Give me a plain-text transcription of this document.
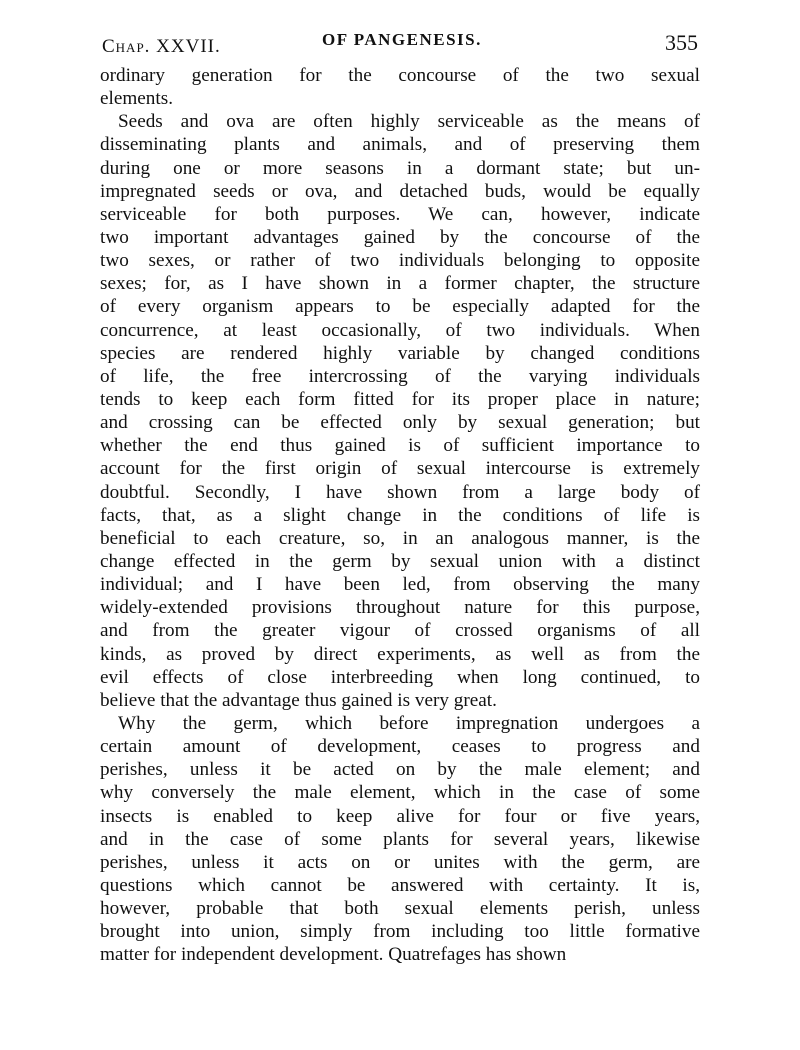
Chap. XXVII.	OF PANGENESIS.	355
ordinary generation for the concourse of the two sexual
elements.
Seeds and ova are often highly serviceable as the means of
disseminating plants and animals, and of preserving them
during one or more seasons in a dormant state; but un-
impregnated seeds or ova, and detached buds, would be equally
serviceable for both purposes. We can, however, indicate
two important advantages gained by the concourse of the
two sexes, or rather of two individuals belonging to opposite
sexes; for, as I have shown in a former chapter, the structure
of every organism appears to be especially adapted for the
concurrence, at least occasionally, of two individuals. When
species are rendered highly variable by changed conditions
of life, the free intercrossing of the varying individuals
tends to keep each form fitted for its proper place in nature;
and crossing can be effected only by sexual generation; but
whether the end thus gained is of sufficient importance to
account for the first origin of sexual intercourse is extremely
doubtful. Secondly, I have shown from a large body of
facts, that, as a slight change in the conditions of life is
beneficial to each creature, so, in an analogous manner, is the
change effected in the germ by sexual union with a distinct
individual; and I have been led, from observing the many
widely-extended provisions throughout nature for this purpose,
and from the greater vigour of crossed organisms of all
kinds, as proved by direct experiments, as well as from the
evil effects of close interbreeding when long continued, to
believe that the advantage thus gained is very great.
Why the germ, which before impregnation undergoes a
certain amount of development, ceases to progress and
perishes, unless it be acted on by the male element; and
why conversely the male element, which in the case of some
insects is enabled to keep alive for four or five years,
and in the case of some plants for several years, likewise
perishes, unless it acts on or unites with the germ, are
questions which cannot be answered with certainty. It is,
however, probable that both sexual elements perish, unless
brought into union, simply from including too little formative
matter for independent development. Quatrefages has shown
